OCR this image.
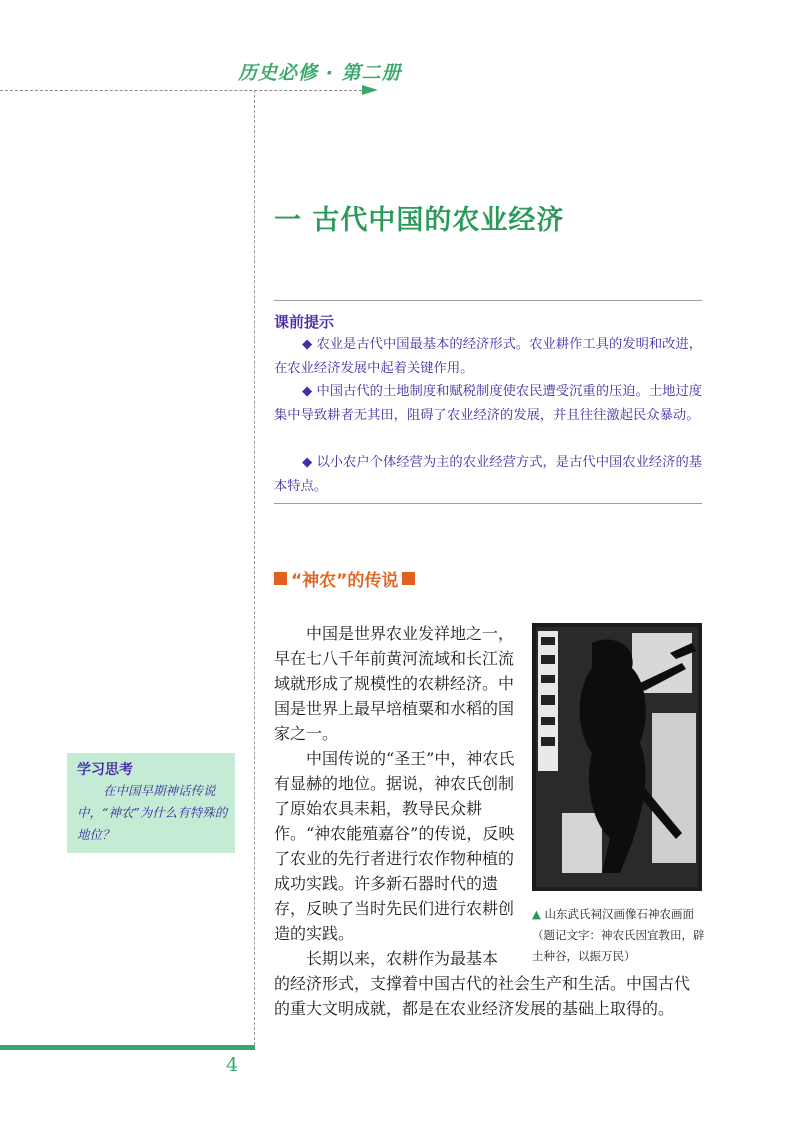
历史必修 · 第二册
一 古代中国的农业经济
课前提示
◆ 农业是古代中国最基本的经济形式。农业耕作工具的发明和改进，在农业经济发展中起着关键作用。
◆ 中国古代的土地制度和赋税制度使农民遭受沉重的压迫。土地过度集中导致耕者无其田，阻碍了农业经济的发展，并且往往激起民众暴动。
◆ 以小农户个体经营为主的农业经营方式，是古代中国农业经济的基本特点。
“神农”的传说
中国是世界农业发祥地之一，早在七八千年前黄河流域和长江流域就形成了规模性的农耕经济。中国是世界上最早培植粟和水稻的国家之一。
中国传说的“圣王”中，神农氏有显赫的地位。据说，神农氏创制了原始农具耒耜，教导民众耕作。“神农能殖嘉谷”的传说，反映了农业的先行者进行农作物种植的成功实践。许多新石器时代的遗存，反映了当时先民们进行农耕创造的实践。
长期以来，农耕作为最基本
的经济形式，支撑着中国古代的社会生产和生活。中国古代的重大文明成就，都是在农业经济发展的基础上取得的。
▲ 山东武氏祠汉画像石神农画面（题记文字：神农氏因宜教田，辟土种谷，以振万民）
学习思考
在中国早期神话传说中，“神农”为什么有特殊的地位？
4
